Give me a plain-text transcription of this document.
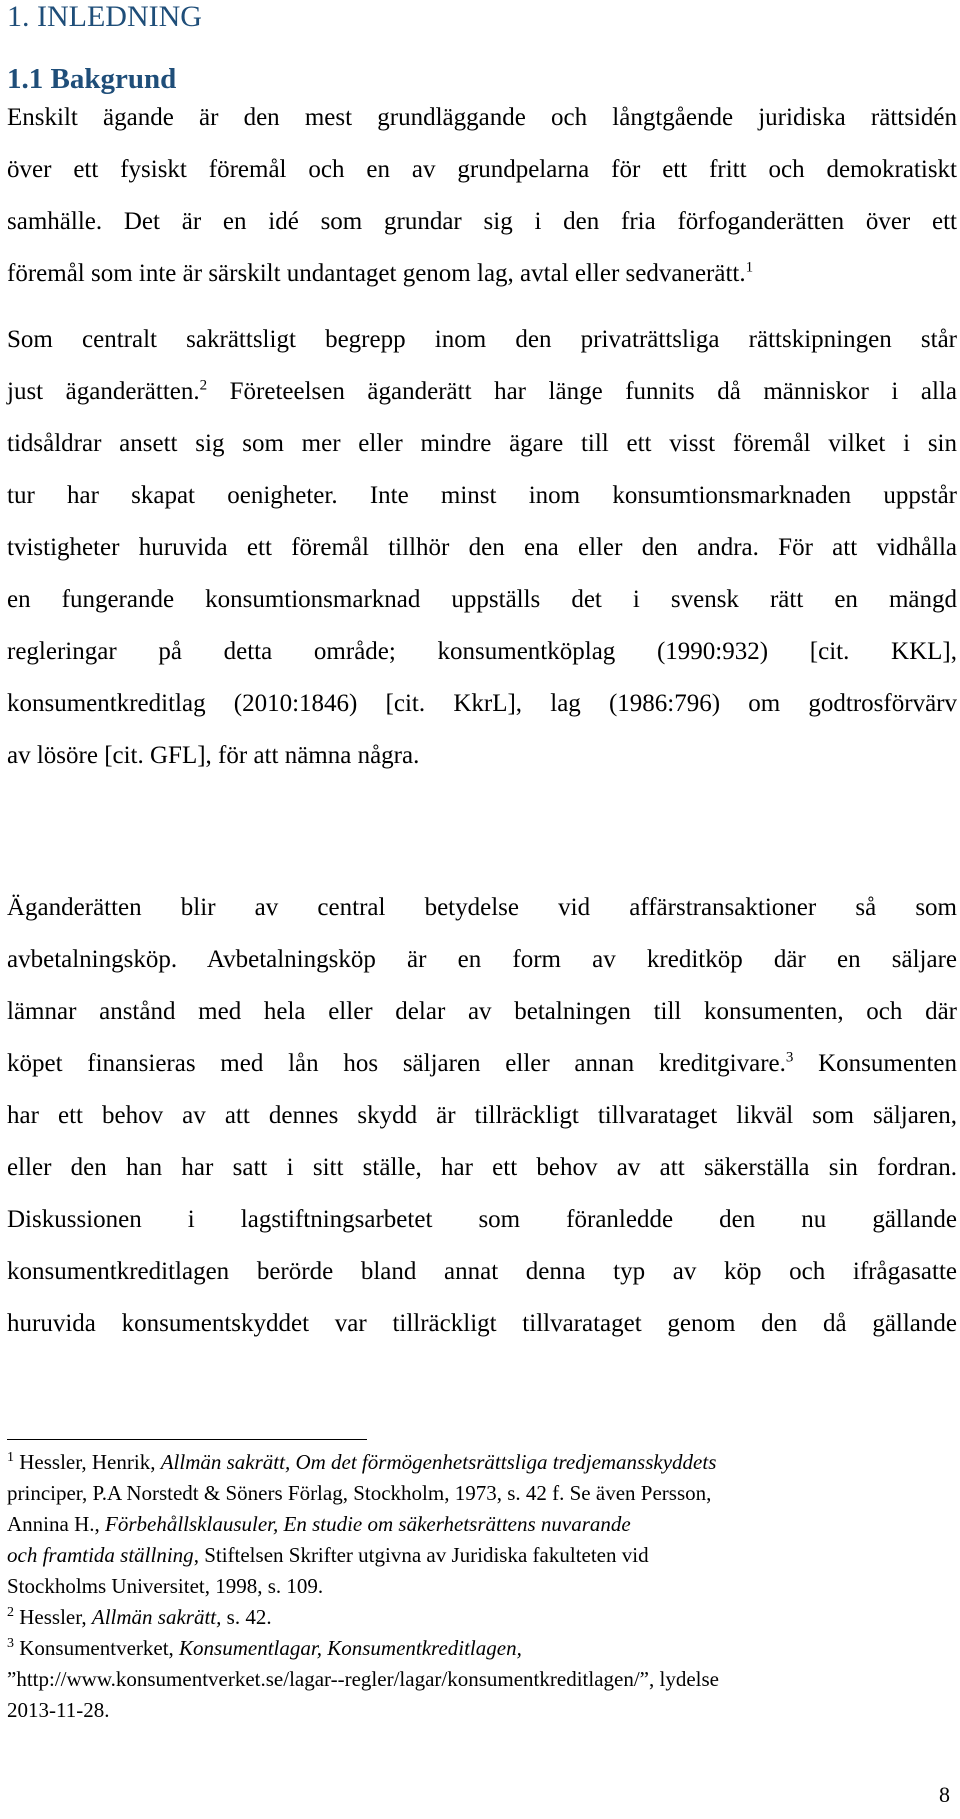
1. INLEDNING
1.1 Bakgrund
Enskilt ägande är den mest grundläggande och långtgående juridiska rättsidén
över ett fysiskt föremål och en av grundpelarna för ett fritt och demokratiskt
samhälle. Det är en idé som grundar sig i den fria förfoganderätten över ett
föremål som inte är särskilt undantaget genom lag, avtal eller sedvanerätt.$^1$
Som centralt sakrättsligt begrepp inom den privaträttsliga rättskipningen står
just äganderätten.$^2$ Företeelsen äganderätt har länge funnits då människor i alla
tidsåldrar ansett sig som mer eller mindre ägare till ett visst föremål vilket i sin
tur har skapat oenigheter. Inte minst inom konsumtionsmarknaden uppstår
tvistigheter huruvida ett föremål tillhör den ena eller den andra. För att vidhålla
en fungerande konsumtionsmarknad uppställs det i svensk rätt en mängd
regleringar på detta område; konsumentköplag (1990:932) [cit. KKL],
konsumentkreditlag (2010:1846) [cit. KkrL], lag (1986:796) om godtrosförvärv
av lösöre [cit. GFL], för att nämna några.
Äganderätten blir av central betydelse vid affärstransaktioner så som
avbetalningsköp. Avbetalningsköp är en form av kreditköp där en säljare
lämnar anstånd med hela eller delar av betalningen till konsumenten, och där
köpet finansieras med lån hos säljaren eller annan kreditgivare.$^3$ Konsumenten
har ett behov av att dennes skydd är tillräckligt tillvarataget likväl som säljaren,
eller den han har satt i sitt ställe, har ett behov av att säkerställa sin fordran.
Diskussionen i lagstiftningsarbetet som föranledde den nu gällande
konsumentkreditlagen berörde bland annat denna typ av köp och ifrågasatte
huruvida konsumentskyddet var tillräckligt tillvarataget genom den då gällande
$^1$ Hessler, Henrik, Allmän sakrätt, Om det förmögenhetsrättsliga tredjemansskyddets
principer, P.A Norstedt & Söners Förlag, Stockholm, 1973, s. 42 f. Se även Persson,
Annina H., Förbehållsklausuler, En studie om säkerhetsrättens nuvarande
och framtida ställning, Stiftelsen Skrifter utgivna av Juridiska fakulteten vid
Stockholms Universitet, 1998, s. 109.
$^2$ Hessler, Allmän sakrätt, s. 42.
$^3$ Konsumentverket, Konsumentlagar, Konsumentkreditlagen,
”http://www.konsumentverket.se/lagar--regler/lagar/konsumentkreditlagen/”, lydelse
2013-11-28.
8
